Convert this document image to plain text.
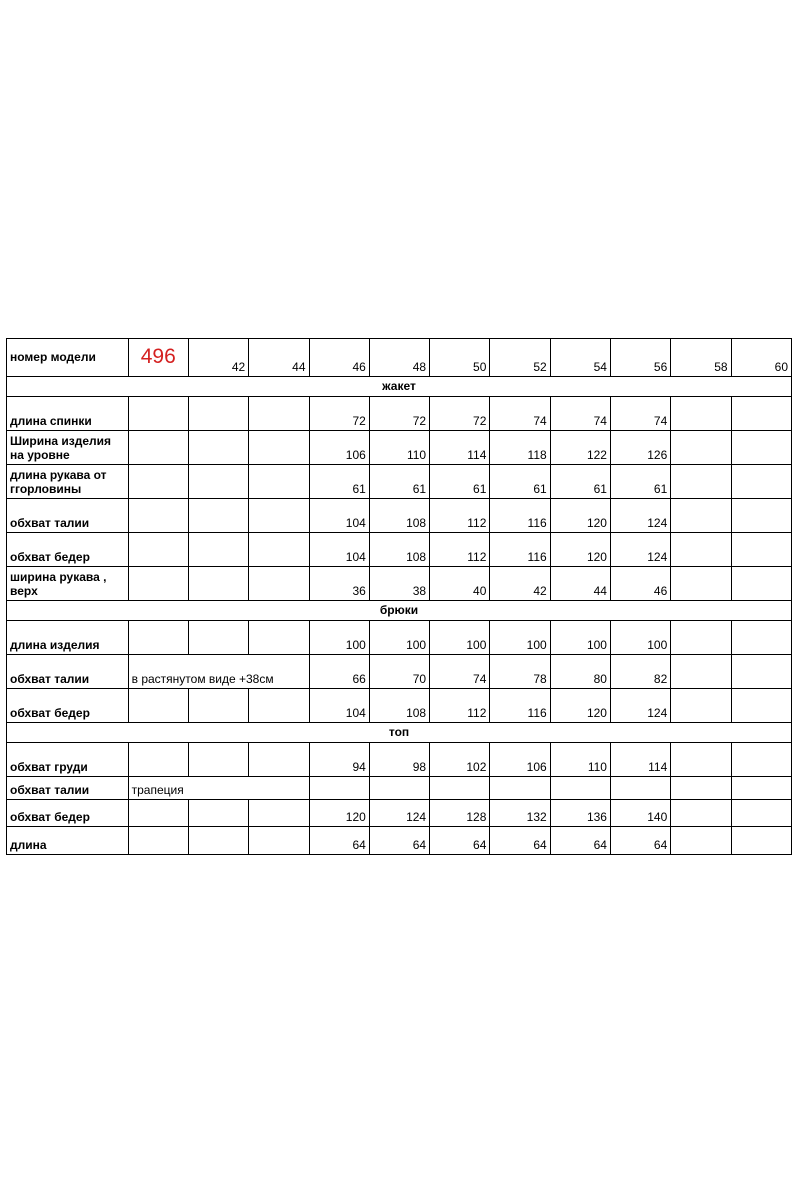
номер модели	496	42	44	46	48	50	52	54	56	58	60
жакет											
длина спинки				72	72	72	74	74	74		
Ширина изделия на уровне				106	110	114	118	122	126		
длина рукава от ггорловины				61	61	61	61	61	61		
обхват талии				104	108	112	116	120	124		
обхват бедер				104	108	112	116	120	124		
ширина рукава , верх				36	38	40	42	44	46		
брюки											
длина изделия				100	100	100	100	100	100		
обхват талии	в растянутом виде +38см			66	70	74	78	80	82		
обхват бедер				104	108	112	116	120	124		
топ											
обхват груди				94	98	102	106	110	114		
обхват талии	трапеция										
обхват бедер				120	124	128	132	136	140		
длина				64	64	64	64	64	64		
